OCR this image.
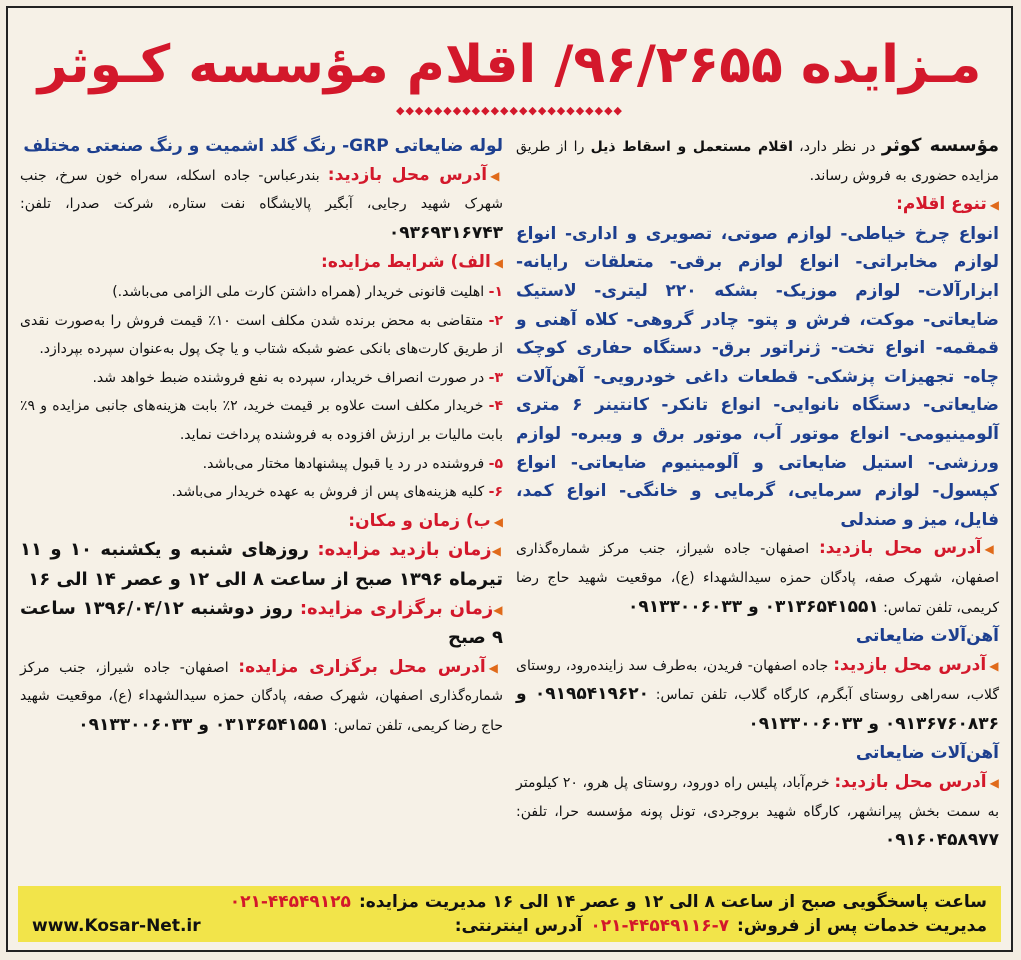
مـزایده ۹۶/۲۶۵۵/ اقلام مؤسسه کـوثر
◆◆◆◆◆◆◆◆◆◆◆◆◆◆◆◆◆◆◆◆◆◆◆◆

مؤسسه کوثر در نظر دارد، اقلام مستعمل و اسقاط ذیل را از طریق مزایده حضوری به فروش رساند.

◀تنوع اقلام:

انواع چرخ خیاطی- لوازم صوتی، تصویری و اداری- انواع لوازم مخابراتی- انواع لوازم برقی- متعلقات رایانه- ابزارآلات- لوازم موزیک- بشکه ۲۲۰ لیتری- لاستیک ضایعاتی- موکت، فرش و پتو- چادر گروهی- کلاه آهنی و قمقمه- انواع تخت- ژنراتور برق- دستگاه حفاری کوچک چاه- تجهیزات پزشکی- قطعات داغی خودرویی- آهن‌آلات ضایعاتی- دستگاه نانوایی- انواع تانکر- کانتینر ۶ متری آلومینیومی- انواع موتور آب، موتور برق و ویبره- لوازم ورزشی- استیل ضایعاتی و آلومینیوم ضایعاتی- انواع کپسول- لوازم سرمایی، گرمایی و خانگی- انواع کمد، فایل، میز و صندلی

◀آدرس محل بازدید: اصفهان- جاده شیراز، جنب مرکز شماره‌گذاری اصفهان، شهرک صفه، پادگان حمزه سیدالشهداء (ع)، موقعیت شهید حاج رضا کریمی، تلفن تماس: ۰۳۱۳۶۵۴۱۵۵۱ و ۰۹۱۳۳۰۰۶۰۳۳

آهن‌آلات ضایعاتی

◀آدرس محل بازدید: جاده اصفهان- فریدن، به‌طرف سد زاینده‌رود، روستای گلاب، سه‌راهی روستای آبگرم، کارگاه گلاب، تلفن تماس: ۰۹۱۹۵۴۱۹۶۲۰ و ۰۹۱۳۶۷۶۰۸۳۶ و ۰۹۱۳۳۰۰۶۰۳۳

آهن‌آلات ضایعاتی

◀آدرس محل بازدید: خرم‌آباد، پلیس راه دورود، روستای پل هرو، ۲۰ کیلومتر به سمت بخش پیرانشهر، کارگاه شهید بروجردی، تونل پونه مؤسسه حرا، تلفن: ۰۹۱۶۰۴۵۸۹۷۷

لوله ضایعاتی GRP- رنگ گلد اشمیت و رنگ صنعتی مختلف

◀آدرس محل بازدید: بندرعباس- جاده اسکله، سه‌راه خون سرخ، جنب شهرک شهید رجایی، آبگیر پالایشگاه نفت ستاره، شرکت صدرا، تلفن: ۰۹۳۶۹۳۱۶۷۴۳

◀الف) شرایط مزایده:

۱- اهلیت قانونی خریدار (همراه داشتن کارت ملی الزامی می‌باشد.)

۲- متقاضی به محض برنده شدن مکلف است ۱۰٪ قیمت فروش را به‌صورت نقدی از طریق کارت‌های بانکی عضو شبکه شتاب و یا چک پول به‌عنوان سپرده بپردازد.

۳- در صورت انصراف خریدار، سپرده به نفع فروشنده ضبط خواهد شد.

۴- خریدار مکلف است علاوه بر قیمت خرید، ۲٪ بابت هزینه‌های جانبی مزایده و ۹٪ بابت مالیات بر ارزش افزوده به فروشنده پرداخت نماید.

۵- فروشنده در رد یا قبول پیشنهادها مختار می‌باشد.

۶- کلیه هزینه‌های پس از فروش به عهده خریدار می‌باشد.

◀ب) زمان و مکان:

◀زمان بازدید مزایده: روزهای شنبه و یکشنبه ۱۰ و ۱۱ تیرماه ۱۳۹۶ صبح از ساعت ۸ الی ۱۲ و عصر ۱۴ الی ۱۶

◀زمان برگزاری مزایده: روز دوشنبه ۱۳۹۶/۰۴/۱۲ ساعت ۹ صبح

◀آدرس محل برگزاری مزایده: اصفهان- جاده شیراز، جنب مرکز شماره‌گذاری اصفهان، شهرک صفه، پادگان حمزه سیدالشهداء (ع)، موقعیت شهید حاج رضا کریمی، تلفن تماس: ۰۳۱۳۶۵۴۱۵۵۱ و ۰۹۱۳۳۰۰۶۰۳۳

ساعت پاسخگویی صبح از ساعت ۸ الی ۱۲ و عصر ۱۴ الی ۱۶ مدیریت مزایده:
۰۲۱-۴۴۵۴۹۱۲۵
مدیریت خدمات پس از فروش:
۰۲۱-۴۴۵۴۹۱۱۶-۷
آدرس اینترنتی:
www.Kosar-Net.ir
